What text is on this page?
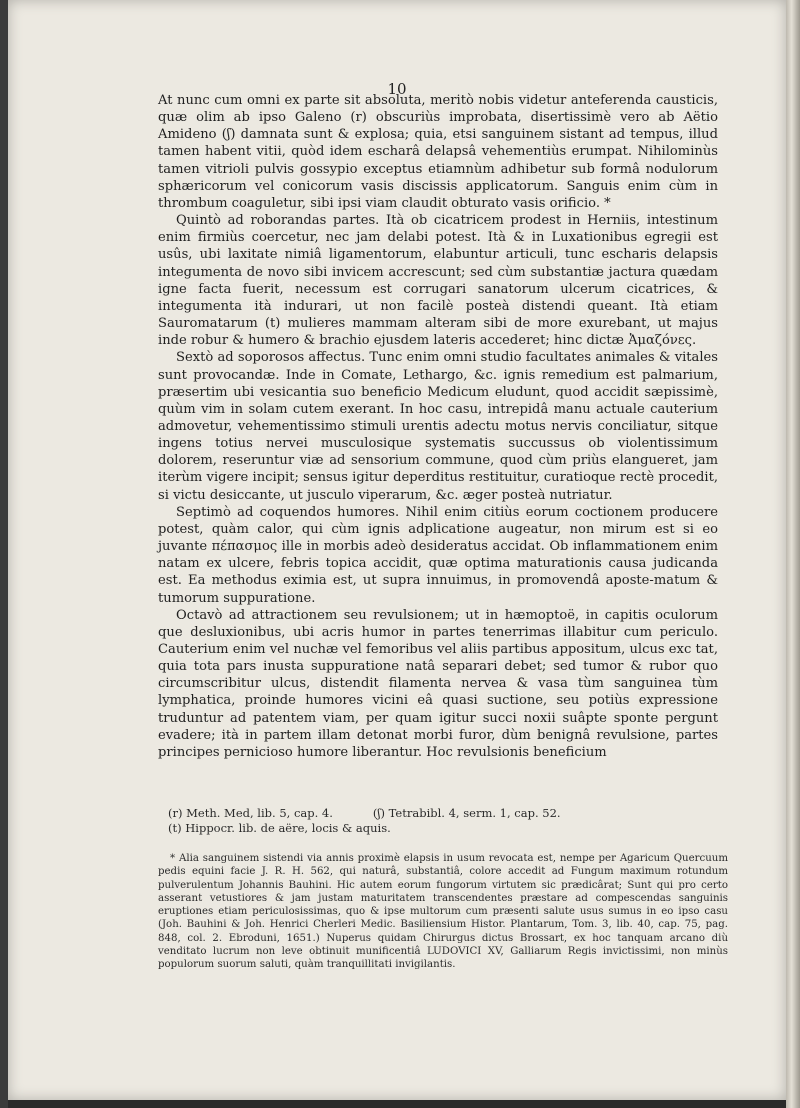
10

At nunc cum omni ex parte sit absoluta, meritò nobis videtur anteferenda causticis, quæ olim ab ipso Galeno (r) obscuriùs improbata, disertissimè vero ab Aëtio Amideno (ʃ) damnata sunt & explosa; quia, etsi sanguinem sistant ad tempus, illud tamen habent vitii, quòd idem escharâ delapsâ vehementiùs erumpat. Nihilominùs tamen vitrioli pulvis gossypio exceptus etiamnùm adhibetur sub formâ nodulorum sphæricorum vel conicorum vasis discissis applicatorum. Sanguis enim cùm in thrombum coaguletur, sibi ipsi viam claudit obturato vasis orificio. *

Quintò ad roborandas partes. Ità ob cicatricem prodest in Herniis, intestinum enim firmiùs coercetur, nec jam delabi potest. Ità & in Luxationibus egregii est usûs, ubi laxitate nimiâ ligamentorum, elabuntur articuli, tunc escharis delapsis integumenta de novo sibi invicem accrescunt; sed cùm substantiæ jactura quædam igne facta fuerit, necessum est corrugari sanatorum ulcerum cicatrices, & integumenta ità indurari, ut non facilè posteà distendi queant. Ità etiam Sauromatarum (t) mulieres mammam alteram sibi de more exurebant, ut majus inde robur & humero & brachio ejusdem lateris accederet; hinc dictæ Ἀμαζόνες.

Sextò ad soporosos affectus. Tunc enim omni studio facultates animales & vitales sunt provocandæ. Inde in Comate, Lethargo, &c. ignis remedium est palmarium, præsertim ubi vesicantia suo beneficio Medicum eludunt, quod accidit sæpissimè, quùm vim in solam cutem exerant. In hoc casu, intrepidâ manu actuale cauterium admovetur, vehementissimo stimuli urentis adectu motus nervis conciliatur, sitque ingens totius nervei musculosique systematis succussus ob violentissimum dolorem, reseruntur viæ ad sensorium commune, quod cùm priùs elangueret, jam iterùm vigere incipit; sensus igitur deperditus restituitur, curatioque rectè procedit, si victu desiccante, ut jusculo viperarum, &c. æger posteà nutriatur.

Septimò ad coquendos humores. Nihil enim citiùs eorum coctionem producere potest, quàm calor, qui cùm ignis adplicatione augeatur, non mirum est si eo juvante πέπασμος ille in morbis adeò desideratus accidat. Ob inflammationem enim natam ex ulcere, febris topica accidit, quæ optima maturationis causa judicanda est. Ea methodus eximia est, ut supra innuimus, in promovendâ aposte-matum & tumorum suppuratione.

Octavò ad attractionem seu revulsionem; ut in hæmoptoë, in capitis oculorum que desluxionibus, ubi acris humor in partes tenerrimas illabitur cum periculo. Cauterium enim vel nuchæ vel femoribus vel aliis partibus appositum, ulcus exc tat, quia tota pars inusta suppuratione natâ separari debet; sed tumor & rubor quo circumscribitur ulcus, distendit filamenta nervea & vasa tùm sanguinea tùm lymphatica, proinde humores vicini eâ quasi suctione, seu potiùs expressione truduntur ad patentem viam, per quam igitur succi noxii suâpte sponte pergunt evadere; ità in partem illam detonat morbi furor, dùm benignâ revulsione, partes principes pernicioso humore liberantur. Hoc revulsionis beneficium

(r) Meth. Med, lib. 5, cap. 4.	(ʃ) Tetrabibl. 4, serm. 1, cap. 52.
(t) Hippocr. lib. de aëre, locis & aquis.

* Alia sanguinem sistendi via annis proximè elapsis in usum revocata est, nempe per Agaricum Quercuum pedis equini facie J. R. H. 562, qui naturâ, substantiâ, colore accedit ad Fungum maximum rotundum pulverulentum Johannis Bauhini. Hic autem eorum fungorum virtutem sic prædicârat; Sunt qui pro certo asserant vetustiores & jam justam maturitatem transcendentes præstare ad compescendas sanguinis eruptiones etiam periculosissimas, quo & ipse multorum cum præsenti salute usus sumus in eo ipso casu (Joh. Bauhini & Joh. Henrici Cherleri Medic. Basiliensium Histor. Plantarum, Tom. 3, lib. 40, cap. 75, pag. 848, col. 2. Ebroduni, 1651.) Nuperus quidam Chirurgus dictus Brossart, ex hoc tanquam arcano diù venditato lucrum non leve obtinuit munificentiâ LUDOVICI XV, Galliarum Regis invictissimi, non minùs populorum suorum saluti, quàm tranquillitati invigilantis.
